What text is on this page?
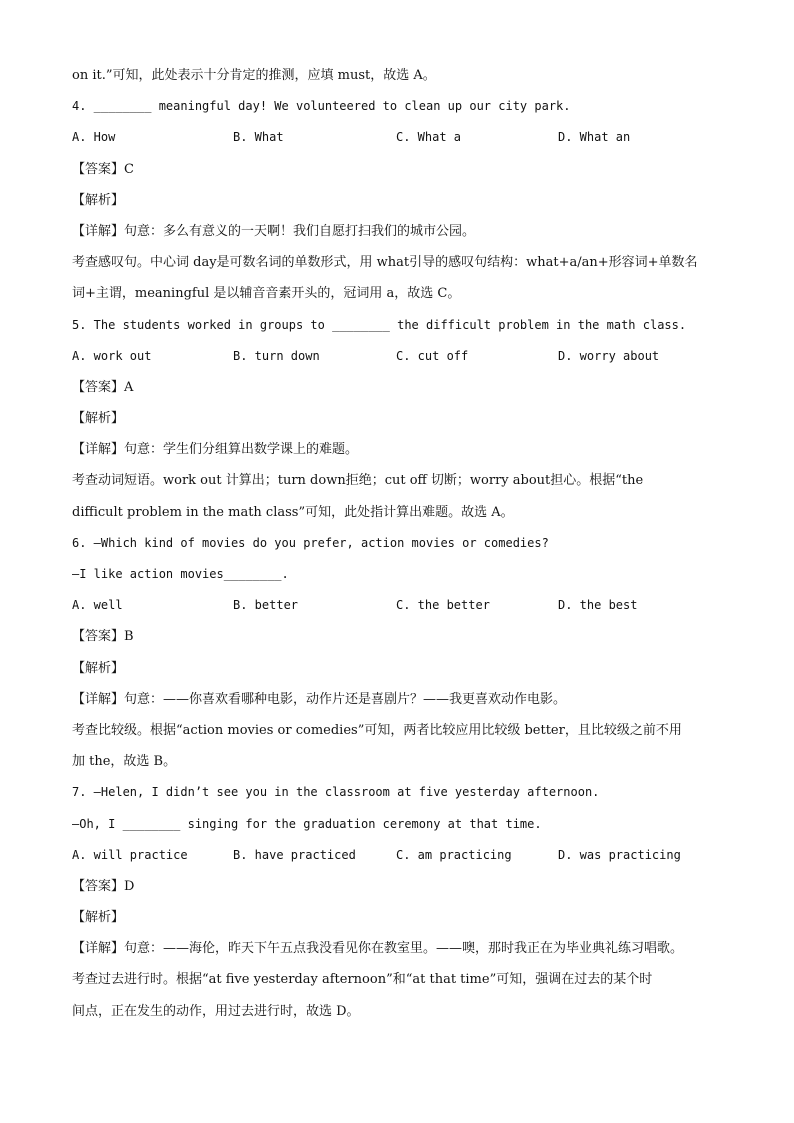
on it.”可知，此处表示十分肯定的推测，应填 must，故选 A。
4. ________ meaningful day! We volunteered to clean up our city park.
A. How	B. What	C. What a	D. What an
【答案】C
【解析】
【详解】句意：多么有意义的一天啊！我们自愿打扫我们的城市公园。
考查感叹句。中心词 day是可数名词的单数形式，用 what引导的感叹句结构：what+a/an+形容词+单数名
词+主谓，meaningful 是以辅音音素开头的，冠词用 a，故选 C。
5. The students worked in groups to ________ the difficult problem in the math class.
A. work out	B. turn down	C. cut off	D. worry about
【答案】A
【解析】
【详解】句意：学生们分组算出数学课上的难题。
考查动词短语。work out 计算出；turn down拒绝；cut off 切断；worry about担心。根据“the
difficult problem in the math class”可知，此处指计算出难题。故选 A。
6. —Which kind of movies do you prefer, action movies or comedies?
—I like action movies________.
A. well	B. better	C. the better	D. the best
【答案】B
【解析】
【详解】句意：——你喜欢看哪种电影，动作片还是喜剧片？——我更喜欢动作电影。
考查比较级。根据“action movies or comedies”可知，两者比较应用比较级 better，且比较级之前不用
加 the，故选 B。
7. —Helen, I didn’t see you in the classroom at five yesterday afternoon.
—Oh, I ________ singing for the graduation ceremony at that time.
A. will practice	B. have practiced	C. am practicing	D. was practicing
【答案】D
【解析】
【详解】句意：——海伦，昨天下午五点我没看见你在教室里。——噢，那时我正在为毕业典礼练习唱歌。
考查过去进行时。根据“at five yesterday afternoon”和“at that time”可知，强调在过去的某个时
间点，正在发生的动作，用过去进行时，故选 D。
